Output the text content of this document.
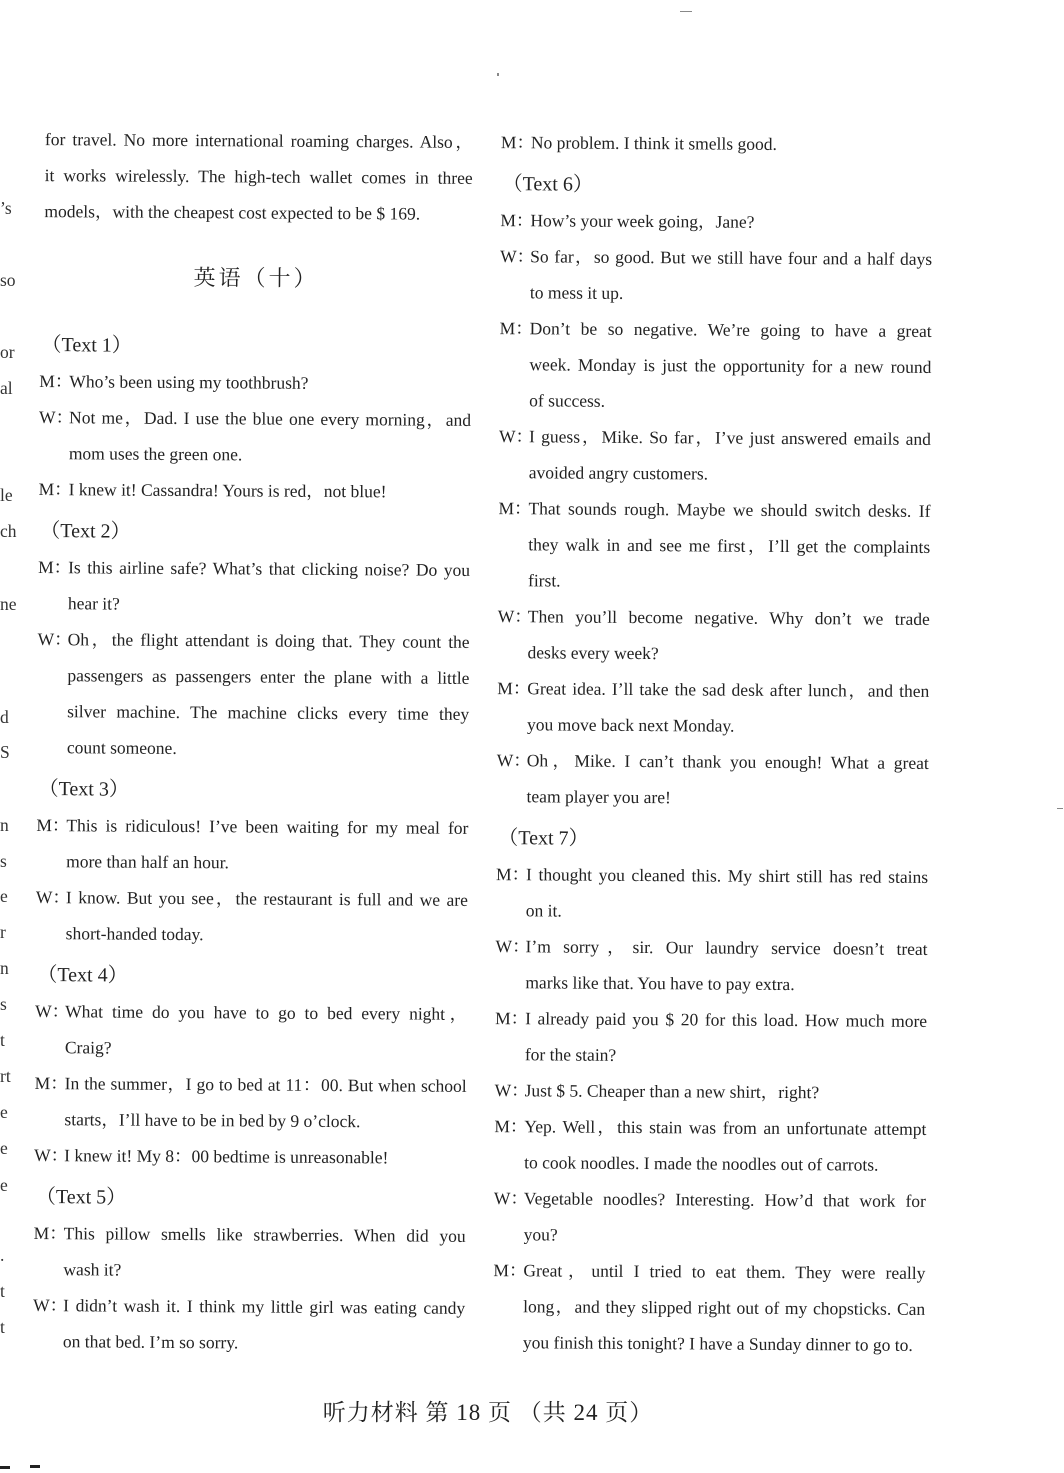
’s
so
or
al
le
ch
ne
d
S
n
s
e
r
n
s
t
rt
e
e
e
.
t
t
for travel. No more international roaming charges. Also，
it works wirelessly. The high-tech wallet comes in three
models，with the cheapest cost expected to be $ 169.
英语（十）
（Text 1）
M：
Who’s been using my toothbrush?
W：
Not me，Dad. I use the blue one every morning，and
mom uses the green one.
M：
I knew it! Cassandra! Yours is red，not blue!
（Text 2）
M：
Is this airline safe? What’s that clicking noise? Do you
hear it?
W：
Oh，the flight attendant is doing that. They count the
passengers as passengers enter the plane with a little
silver machine. The machine clicks every time they
count someone.
（Text 3）
M：
This is ridiculous! I’ve been waiting for my meal for
more than half an hour.
W：
I know. But you see，the restaurant is full and we are
short-handed today.
（Text 4）
W：
What time do you have to go to bed every night，
Craig?
M：
In the summer，I go to bed at 11：00. But when school
starts，I’ll have to be in bed by 9 o’clock.
W：
I knew it! My 8：00 bedtime is unreasonable!
（Text 5）
M：
This pillow smells like strawberries. When did you
wash it?
W：
I didn’t wash it. I think my little girl was eating candy
on that bed. I’m so sorry.
M：
No problem. I think it smells good.
（Text 6）
M：
How’s your week going，Jane?
W：
So far，so good. But we still have four and a half days
to mess it up.
M：
Don’t be so negative. We’re going to have a great
week. Monday is just the opportunity for a new round
of success.
W：
I guess，Mike. So far，I’ve just answered emails and
avoided angry customers.
M：
That sounds rough. Maybe we should switch desks. If
they walk in and see me first，I’ll get the complaints
first.
W：
Then you’ll become negative. Why don’t we trade
desks every week?
M：
Great idea. I’ll take the sad desk after lunch，and then
you move back next Monday.
W：
Oh，Mike. I can’t thank you enough! What a great
team player you are!
（Text 7）
M：
I thought you cleaned this. My shirt still has red stains
on it.
W：
I’m sorry，sir. Our laundry service doesn’t treat
marks like that. You have to pay extra.
M：
I already paid you $ 20 for this load. How much more
for the stain?
W：
Just $ 5. Cheaper than a new shirt，right?
M：
Yep. Well，this stain was from an unfortunate attempt
to cook noodles. I made the noodles out of carrots.
W：
Vegetable noodles? Interesting. How’d that work for
you?
M：
Great，until I tried to eat them. They were really
long，and they slipped right out of my chopsticks. Can
you finish this tonight? I have a Sunday dinner to go to.
听力材料 第 18 页 （共 24 页）
